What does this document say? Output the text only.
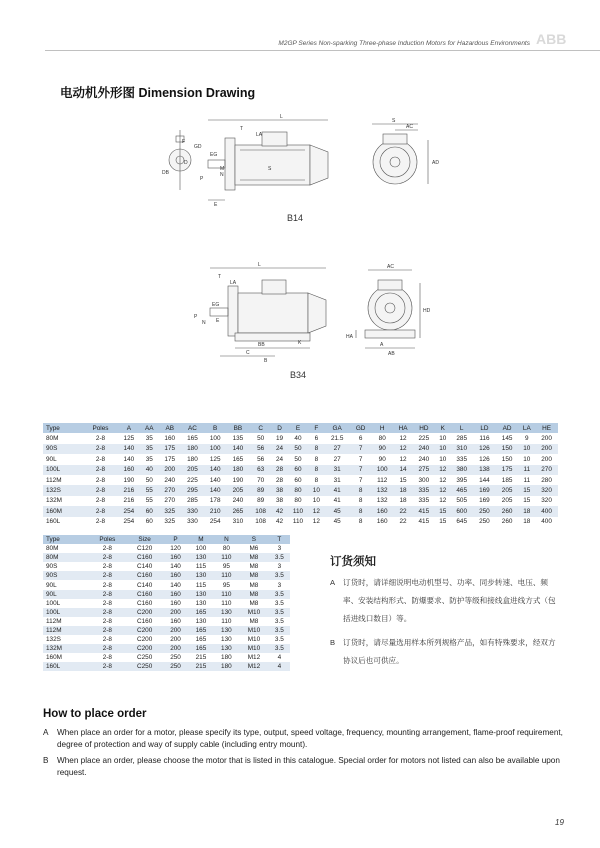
M2GP Series Non-sparking Three-phase Induction Motors for Hazardous Environments ABB
电动机外形图 Dimension Drawing
L
T
LA
F
GD
D
DB
EG
E
M
N
P
S
S
AC
AD
B14
L
T
LA
EG
E
P
N
BB
C
B
K
AC
HD
HA
A
AB
B34
Type	Poles	A	AA	AB	AC	B	BB	C	D	E	F	GA	GD	H	HA	HD	K	L	LD	AD	LA	HE
80M	2-8	125	35	160	165	100	135	50	19	40	6	21.5	6	80	12	225	10	285	116	145	9	200
90S	2-8	140	35	175	180	100	140	56	24	50	8	27	7	90	12	240	10	310	126	150	10	200
90L	2-8	140	35	175	180	125	165	56	24	50	8	27	7	90	12	240	10	335	126	150	10	200
100L	2-8	160	40	200	205	140	180	63	28	60	8	31	7	100	14	275	12	380	138	175	11	270
112M	2-8	190	50	240	225	140	190	70	28	60	8	31	7	112	15	300	12	395	144	185	11	280
132S	2-8	216	55	270	295	140	205	89	38	80	10	41	8	132	18	335	12	465	169	205	15	320
132M	2-8	216	55	270	285	178	240	89	38	80	10	41	8	132	18	335	12	505	169	205	15	320
160M	2-8	254	60	325	330	210	265	108	42	110	12	45	8	160	22	415	15	600	250	260	18	400
160L	2-8	254	60	325	330	254	310	108	42	110	12	45	8	160	22	415	15	645	250	260	18	400
Type	Poles	Size	P	M	N	S	T
80M	2-8	C120	120	100	80	M6	3
80M	2-8	C160	160	130	110	M8	3.5
90S	2-8	C140	140	115	95	M8	3
90S	2-8	C160	160	130	110	M8	3.5
90L	2-8	C140	140	115	95	M8	3
90L	2-8	C160	160	130	110	M8	3.5
100L	2-8	C160	160	130	110	M8	3.5
100L	2-8	C200	200	165	130	M10	3.5
112M	2-8	C160	160	130	110	M8	3.5
112M	2-8	C200	200	165	130	M10	3.5
132S	2-8	C200	200	165	130	M10	3.5
132M	2-8	C200	200	165	130	M10	3.5
160M	2-8	C250	250	215	180	M12	4
160L	2-8	C250	250	215	180	M12	4
订货须知
A	订货时，请详细说明电动机型号、功率、同步转速、电压、频率、安装结构形式、防爆要求、防护等级和接线盒进线方式（包括进线口数目）等。
B	订货时，请尽量选用样本所列规格产品，如有特殊要求，经双方协议后也可供应。
How to place order
A	When place an order for a motor, please specify its type, output, speed voltage, frequency, mounting arrangement, flame-proof requirement, degree of protection and way of supply cable (including entry mount).
B	When place an order, please choose the motor that is listed in this catalogue. Special order for motors not listed can also be available upon request.
19
